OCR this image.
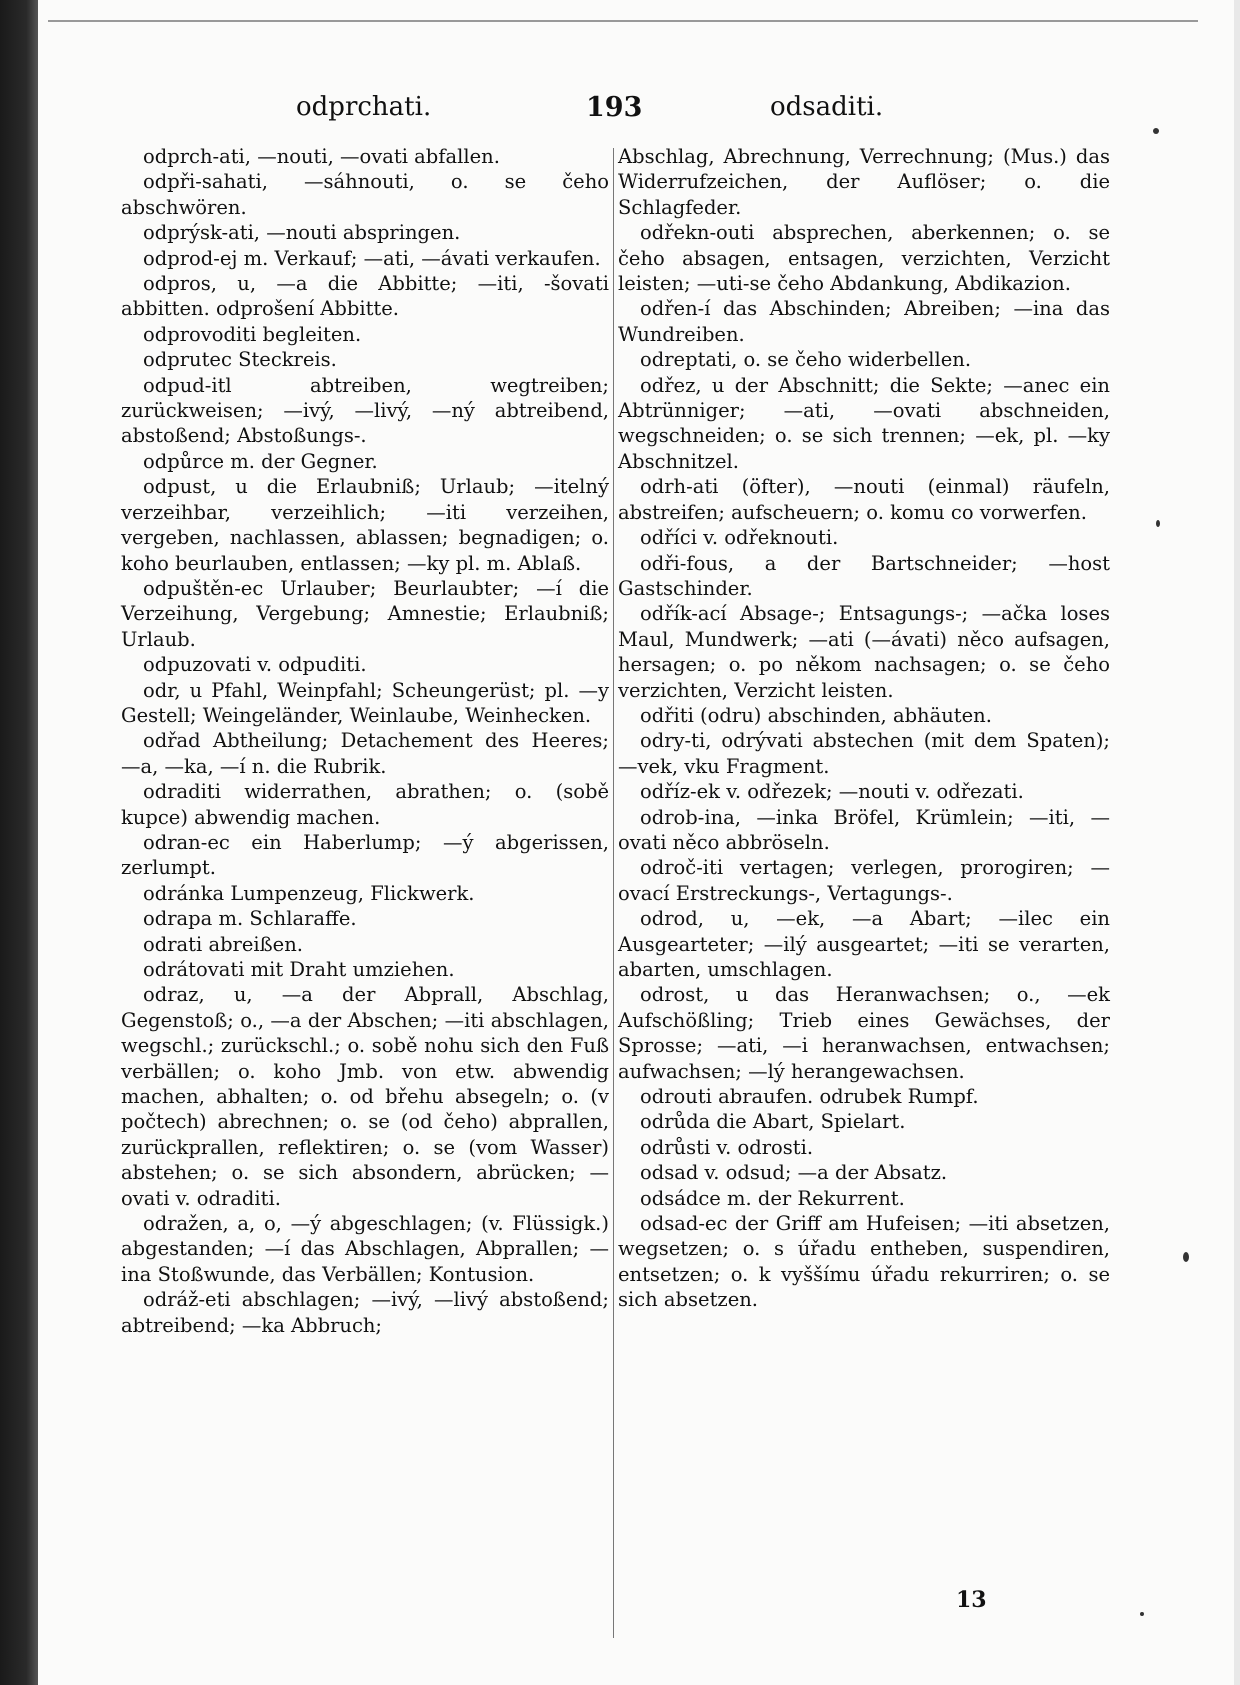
odprchati.	193	odsaditi.

odprch-ati, —nouti, —ovati abfallen.

odpři-sahati, —sáhnouti, o. se čeho abschwören.

odprýsk-ati, —nouti abspringen.

odprod-ej m. Verkauf; —ati, —ávati verkaufen.

odpros, u, —a die Abbitte; —iti, -šovati abbitten. odprošení Abbitte.

odprovoditi begleiten.

odprutec Steckreis.

odpud-itl abtreiben, wegtreiben; zurückweisen; —ivý, —livý, —ný abtreibend, abstoßend; Abstoßungs-.

odpůrce m. der Gegner.

odpust, u die Erlaubniß; Urlaub; —itelný verzeihbar, verzeihlich; —iti verzeihen, vergeben, nachlassen, ablassen; begnadigen; o. koho beurlauben, entlassen; —ky pl. m. Ablaß.

odpuštěn-ec Urlauber; Beurlaubter; —í die Verzeihung, Vergebung; Amnestie; Erlaubniß; Urlaub.

odpuzovati v. odpuditi.

odr, u Pfahl, Weinpfahl; Scheungerüst; pl. —y Gestell; Weingeländer, Weinlaube, Weinhecken.

odřad Abtheilung; Detachement des Heeres; —a, —ka, —í n. die Rubrik.

odraditi widerrathen, abrathen; o. (sobě kupce) abwendig machen.

odran-ec ein Haberlump; —ý abgerissen, zerlumpt.

odránka Lumpenzeug, Flickwerk.

odrapa m. Schlaraffe.

odrati abreißen.

odrátovati mit Draht umziehen.

odraz, u, —a der Abprall, Abschlag, Gegenstoß; o., —a der Abschen; —iti abschlagen, wegschl.; zurückschl.; o. sobě nohu sich den Fuß verbällen; o. koho Jmb. von etw. abwendig machen, abhalten; o. od břehu absegeln; o. (v počtech) abrechnen; o. se (od čeho) abprallen, zurückprallen, reflektiren; o. se (vom Wasser) abstehen; o. se sich absondern, abrücken; —ovati v. odraditi.

odražen, a, o, —ý abgeschlagen; (v. Flüssigk.) abgestanden; —í das Abschlagen, Abprallen; —ina Stoßwunde, das Verbällen; Kontusion.

odráž-eti abschlagen; —ivý, —livý abstoßend; abtreibend; —ka Abbruch;

Abschlag, Abrechnung, Verrechnung; (Mus.) das Widerrufzeichen, der Auflöser; o. die Schlagfeder.

odřekn-outi absprechen, aberkennen; o. se čeho absagen, entsagen, verzichten, Verzicht leisten; —uti-se čeho Abdankung, Abdikazion.

odřen-í das Abschinden; Abreiben; —ina das Wundreiben.

odreptati, o. se čeho widerbellen.

odřez, u der Abschnitt; die Sekte; —anec ein Abtrünniger; —ati, —ovati abschneiden, wegschneiden; o. se sich trennen; —ek, pl. —ky Abschnitzel.

odrh-ati (öfter), —nouti (einmal) räufeln, abstreifen; aufscheuern; o. komu co vorwerfen.

odříci v. odřeknouti.

odři-fous, a der Bartschneider; —host Gastschinder.

odřík-ací Absage-; Entsagungs-; —ačka loses Maul, Mundwerk; —ati (—ávati) něco aufsagen, hersagen; o. po někom nachsagen; o. se čeho verzichten, Verzicht leisten.

odřiti (odru) abschinden, abhäuten.

odry-ti, odrývati abstechen (mit dem Spaten); —vek, vku Fragment.

odříz-ek v. odřezek; —nouti v. odřezati.

odrob-ina, —inka Bröfel, Krümlein; —iti, —ovati něco abbröseln.

odroč-iti vertagen; verlegen, prorogiren; —ovací Erstreckungs-, Vertagungs-.

odrod, u, —ek, —a Abart; —ilec ein Ausgearteter; —ilý ausgeartet; —iti se verarten, abarten, umschlagen.

odrost, u das Heranwachsen; o., —ek Aufschößling; Trieb eines Gewächses, der Sprosse; —ati, —i heranwachsen, entwachsen; aufwachsen; —lý herangewachsen.

odrouti abraufen. odrubek Rumpf.

odrůda die Abart, Spielart.

odrůsti v. odrosti.

odsad v. odsud; —a der Absatz.

odsádce m. der Rekurrent.

odsad-ec der Griff am Hufeisen; —iti absetzen, wegsetzen; o. s úřadu entheben, suspendiren, entsetzen; o. k vyššímu úřadu rekurriren; o. se sich absetzen.

13
